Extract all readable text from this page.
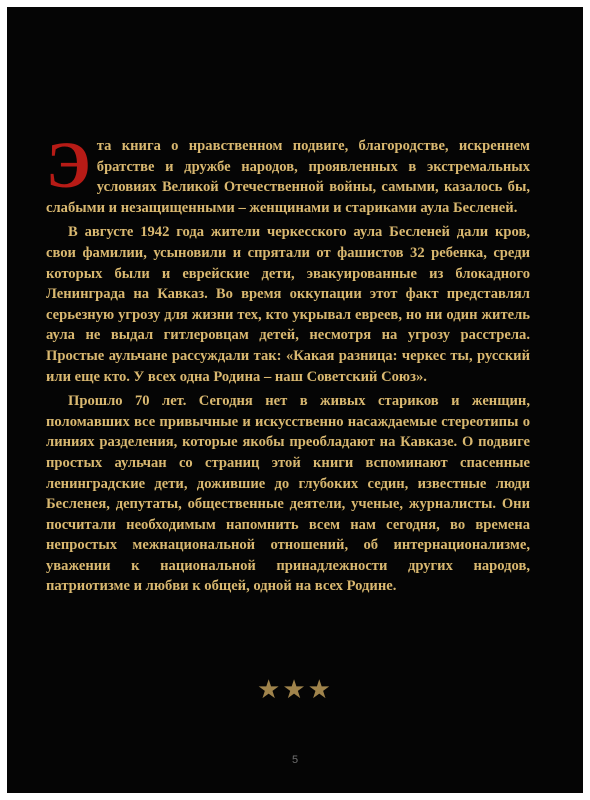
Эта книга о нравственном подвиге, благородстве, искреннем братстве и дружбе народов, проявленных в экстремальных условиях Великой Отечественной войны, самыми, казалось бы, слабыми и незащищенными – женщинами и стариками аула Бесленей.

В августе 1942 года жители черкесского аула Бесленей дали кров, свои фамилии, усыновили и спрятали от фашистов 32 ребенка, среди которых были и еврейские дети, эвакуированные из блокадного Ленинграда на Кавказ. Во время оккупации этот факт представлял серьезную угрозу для жизни тех, кто укрывал евреев, но ни один житель аула не выдал гитлеровцам детей, несмотря на угрозу расстрела. Простые аульчане рассуждали так: «Какая разница: черкес ты, русский или еще кто. У всех одна Родина – наш Советский Союз».

Прошло 70 лет. Сегодня нет в живых стариков и женщин, поломавших все привычные и искусственно насаждаемые стереотипы о линиях разделения, которые якобы преобладают на Кавказе. О подвиге простых аульчан со страниц этой книги вспоминают спасенные ленинградские дети, дожившие до глубоких седин, известные люди Бесленея, депутаты, общественные деятели, ученые, журналисты. Они посчитали необходимым напомнить всем нам сегодня, во времена непростых межнациональной отношений, об интернационализме, уважении к национальной принадлежности других народов, патриотизме и любви к общей, одной на всех Родине.

★★★
5
